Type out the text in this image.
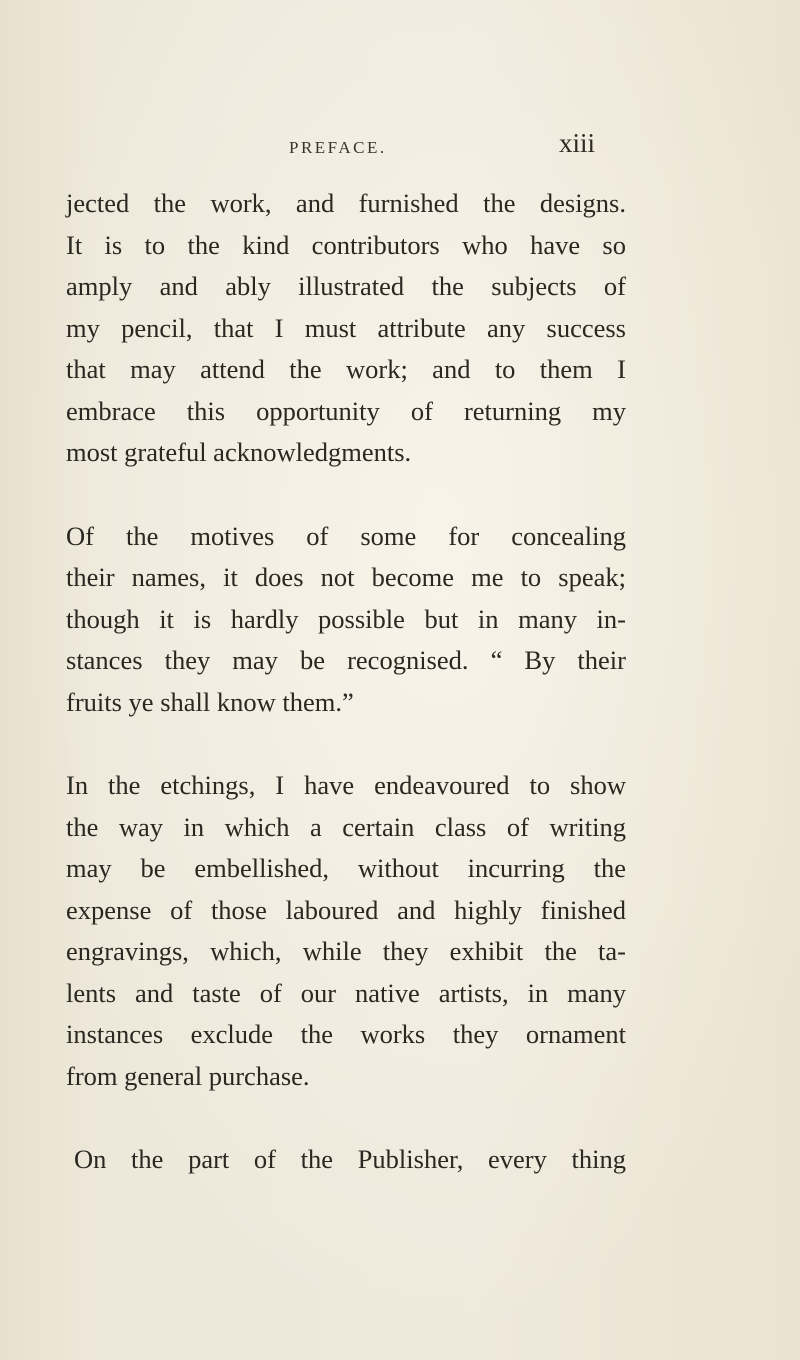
PREFACE.	xiii
jected the work, and furnished the designs.
It is to the kind contributors who have so
amply and ably illustrated the subjects of
my pencil, that I must attribute any success
that may attend the work; and to them I
embrace this opportunity of returning my
most grateful acknowledgments.
Of the motives of some for concealing
their names, it does not become me to speak;
though it is hardly possible but in many in-
stances they may be recognised. “ By their
fruits ye shall know them.”
In the etchings, I have endeavoured to show
the way in which a certain class of writing
may be embellished, without incurring the
expense of those laboured and highly finished
engravings, which, while they exhibit the ta-
lents and taste of our native artists, in many
instances exclude the works they ornament
from general purchase.
On the part of the Publisher, every thing
